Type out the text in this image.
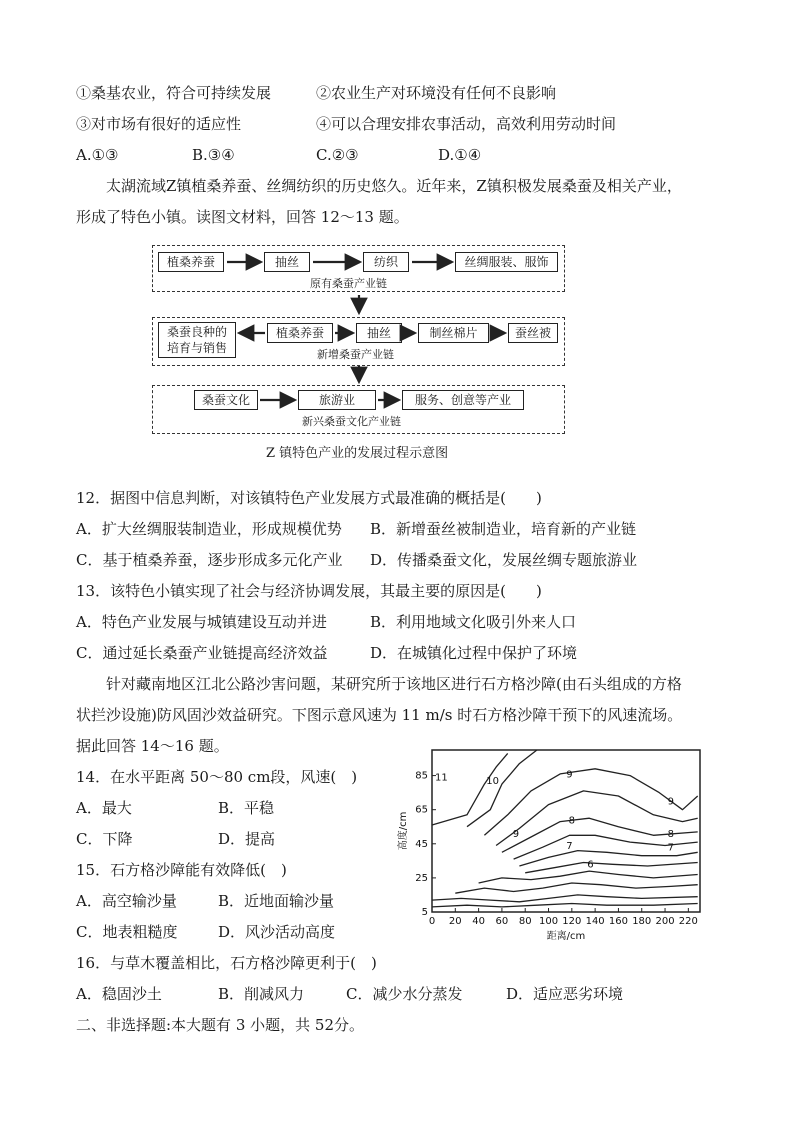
①桑基农业，符合可持续发展	②农业生产对环境没有任何不良影响
③对市场有很好的适应性	④可以合理安排农事活动，高效利用劳动时间
A.①③	B.③④	C.②③	D.①④
太湖流域Z镇植桑养蚕、丝绸纺织的历史悠久。近年来，Z镇积极发展桑蚕及相关产业，
形成了特色小镇。读图文材料，回答 12～13 题。
植桑养蚕	抽丝	纺织	丝绸服装、服饰
原有桑蚕产业链
桑蚕良种的
培育与销售
植桑养蚕	抽丝	制丝棉片	蚕丝被
新增桑蚕产业链
桑蚕文化	旅游业	服务、创意等产业
新兴桑蚕文化产业链
Z 镇特色产业的发展过程示意图
12．据图中信息判断，对该镇特色产业发展方式最准确的概括是(　　)
A．扩大丝绸服装制造业，形成规模优势 B．新增蚕丝被制造业，培育新的产业链
C．基于植桑养蚕，逐步形成多元化产业 D．传播桑蚕文化，发展丝绸专题旅游业
13．该特色小镇实现了社会与经济协调发展，其最主要的原因是(　　)
A．特色产业发展与城镇建设互动并进	B．利用地域文化吸引外来人口
C．通过延长桑蚕产业链提高经济效益	D．在城镇化过程中保护了环境
针对藏南地区江北公路沙害问题，某研究所于该地区进行石方格沙障(由石头组成的方格
状拦沙设施)防风固沙效益研究。下图示意风速为 11 m/s 时石方格沙障干预下的风速流场。
据此回答 14～16 题。
14．在水平距离 50～80 cm段，风速(　)
A．最大	B．平稳
C．下降	D．提高
15．石方格沙障能有效降低(　)
A．高空输沙量	B．近地面输沙量
C．地表粗糙度	D．风沙活动高度
16．与草木覆盖相比，石方格沙障更利于(　)
A．稳固沙土	B．削减风力	C．减少水分蒸发	D．适应恶劣环境
二、非选择题:本大题有 3 小题，共 52分。
11	10
9
9
8
8
9
7	7
6
0 20 40 60 80 100 120 140 160 180 200 220
5
25
45
65
85
距离/cm
高度/cm
